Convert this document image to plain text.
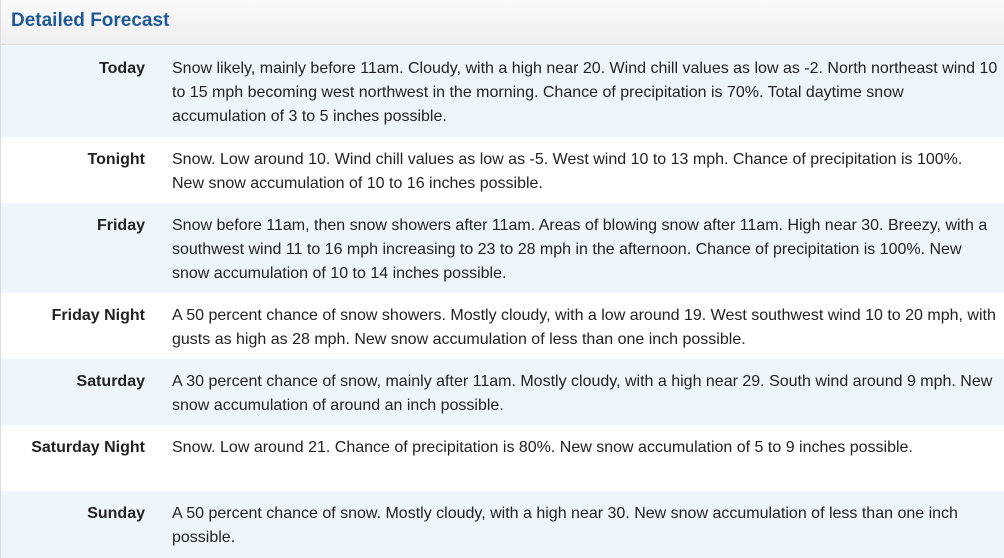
Detailed Forecast
Today	Snow likely, mainly before 11am. Cloudy, with a high near 20. Wind chill values as low as -2. North northeast wind 10 to 15 mph becoming west northwest in the morning. Chance of precipitation is 70%. Total daytime snow accumulation of 3 to 5 inches possible.
Tonight	Snow. Low around 10. Wind chill values as low as -5. West wind 10 to 13 mph. Chance of precipitation is 100%. New snow accumulation of 10 to 16 inches possible.
Friday	Snow before 11am, then snow showers after 11am. Areas of blowing snow after 11am. High near 30. Breezy, with a southwest wind 11 to 16 mph increasing to 23 to 28 mph in the afternoon. Chance of precipitation is 100%. New snow accumulation of 10 to 14 inches possible.
Friday Night	A 50 percent chance of snow showers. Mostly cloudy, with a low around 19. West southwest wind 10 to 20 mph, with gusts as high as 28 mph. New snow accumulation of less than one inch possible.
Saturday	A 30 percent chance of snow, mainly after 11am. Mostly cloudy, with a high near 29. South wind around 9 mph. New snow accumulation of around an inch possible.
Saturday Night	Snow. Low around 21. Chance of precipitation is 80%. New snow accumulation of 5 to 9 inches possible.
Sunday	A 50 percent chance of snow. Mostly cloudy, with a high near 30. New snow accumulation of less than one inch possible.
